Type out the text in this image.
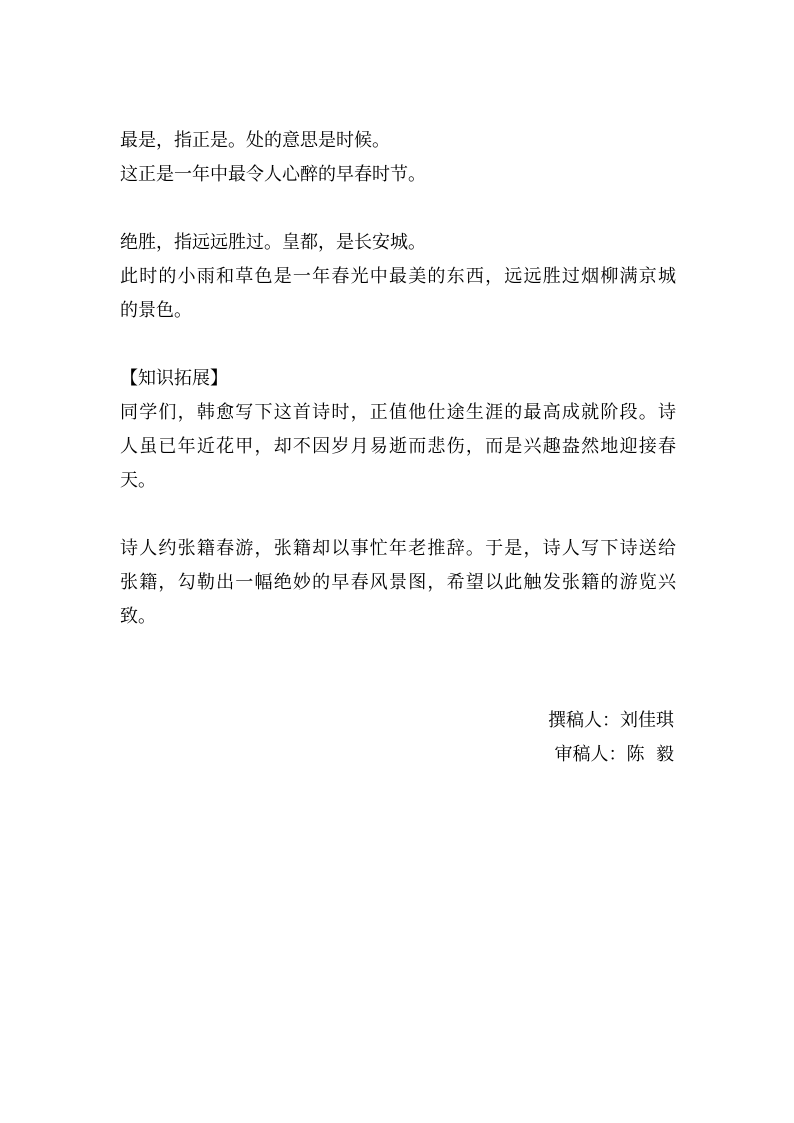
最是，指正是。处的意思是时候。
这正是一年中最令人心醉的早春时节。
绝胜，指远远胜过。皇都，是长安城。
此时的小雨和草色是一年春光中最美的东西，远远胜过烟柳满京城
的景色。
【知识拓展】
同学们，韩愈写下这首诗时，正值他仕途生涯的最高成就阶段。诗
人虽已年近花甲，却不因岁月易逝而悲伤，而是兴趣盎然地迎接春
天。
诗人约张籍春游，张籍却以事忙年老推辞。于是，诗人写下诗送给
张籍，勾勒出一幅绝妙的早春风景图，希望以此触发张籍的游览兴
致。
撰稿人：刘佳琪
审稿人：陈  毅
